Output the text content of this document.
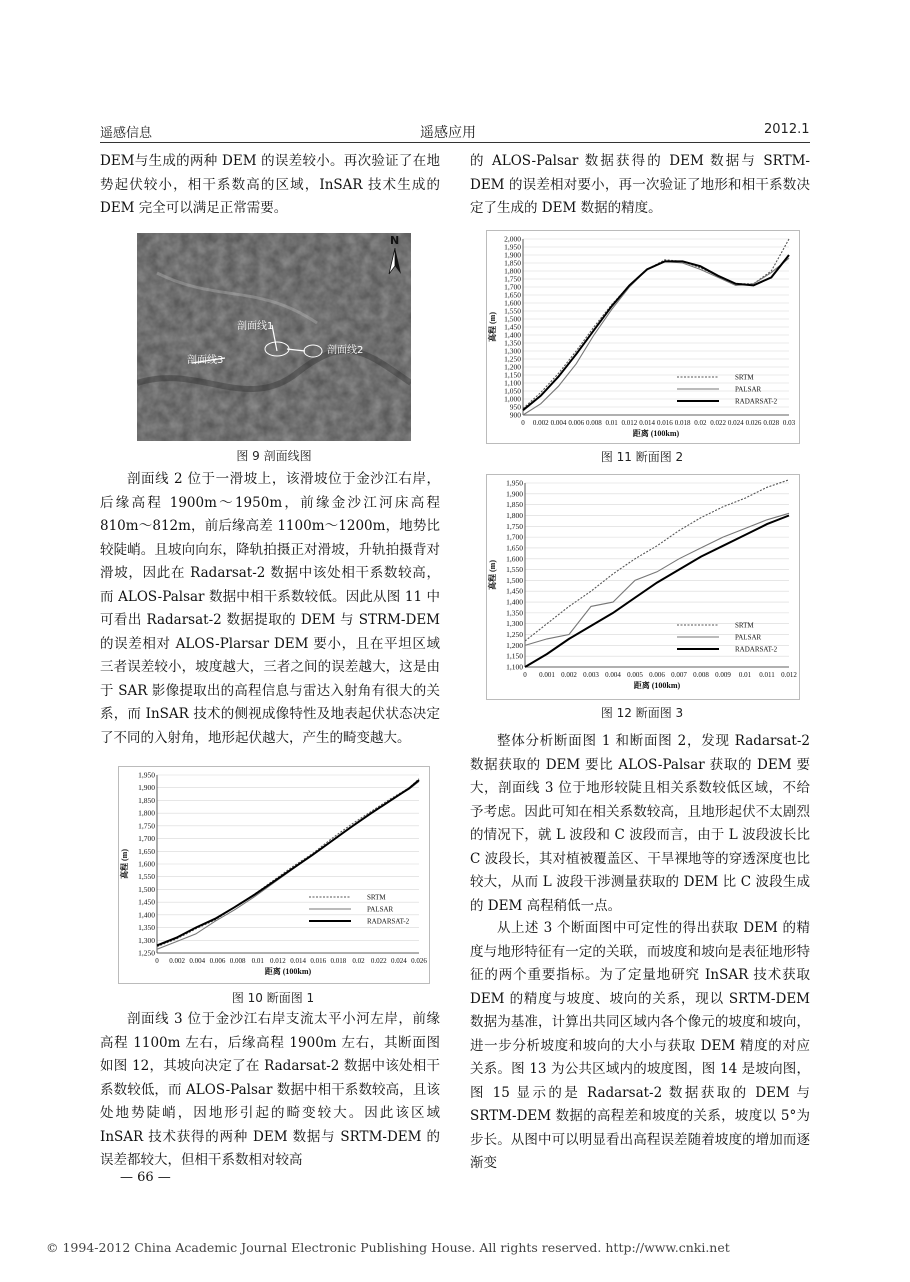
遥感信息	遥感应用	2012.1

DEM与生成的两种 DEM 的误差较小。再次验证了在地势起伏较小，相干系数高的区域，InSAR 技术生成的 DEM 完全可以满足正常需要。

剖面线1
剖面线2
剖面线3
N
图 9 剖面线图

剖面线 2 位于一滑坡上，该滑坡位于金沙江右岸，后缘高程 1900m～1950m，前缘金沙江河床高程 810m～812m，前后缘高差 1100m～1200m，地势比较陡峭。且坡向向东，降轨拍摄正对滑坡，升轨拍摄背对滑坡，因此在 Radarsat-2 数据中该处相干系数较高，而 ALOS-Palsar 数据中相干系数较低。因此从图 11 中可看出 Radarsat-2 数据提取的 DEM 与 STRM-DEM 的误差相对 ALOS-Plarsar DEM 要小，且在平坦区域三者误差较小，坡度越大，三者之间的误差越大，这是由于 SAR 影像提取出的高程信息与雷达入射角有很大的关系，而 InSAR 技术的侧视成像特性及地表起伏状态决定了不同的入射角，地形起伏越大，产生的畸变越大。

1,250
1,300
1,350
1,400
1,450
1,500
1,550
1,600
1,650
1,700
1,750
1,800
1,850
1,900
1,950
0 0.002 0.004 0.006 0.008 0.01 0.012 0.014 0.016 0.018 0.02 0.022 0.024 0.026
距离 (100km)
高程 (m)
SRTM
PALSAR
RADARSAT-2
图 10 断面图 1

剖面线 3 位于金沙江右岸支流太平小河左岸，前缘高程 1100m 左右，后缘高程 1900m 左右，其断面图如图 12，其坡向决定了在 Radarsat-2 数据中该处相干系数较低，而 ALOS-Palsar 数据中相干系数较高，且该处地势陡峭，因地形引起的畸变较大。因此该区域 InSAR 技术获得的两种 DEM 数据与 SRTM-DEM 的误差都较大，但相干系数相对较高

— 66 —

的 ALOS-Palsar 数据获得的 DEM 数据与 SRTM-DEM 的误差相对要小，再一次验证了地形和相干系数决定了生成的 DEM 数据的精度。

900
950
1,000
1,050
1,100
1,150
1,200
1,250
1,300
1,350
1,400
1,450
1,500
1,550
1,600
1,650
1,700
1,750
1,800
1,850
1,900
1,950
2,000
0 0.002 0.004 0.006 0.008 0.01 0.012 0.014 0.016 0.018 0.02 0.022 0.024 0.026 0.028 0.03
距离 (100km)
高程 (m)
SRTM
PALSAR
RADARSAT-2
图 11 断面图 2
1,100
1,150
1,200
1,250
1,300
1,350
1,400
1,450
1,500
1,550
1,600
1,650
1,700
1,750
1,800
1,850
1,900
1,950
0 0.001 0.002 0.003 0.004 0.005 0.006 0.007 0.008 0.009 0.01 0.011 0.012
距离 (100km)
高程 (m)
SRTM
PALSAR
RADARSAT-2
图 12 断面图 3

整体分析断面图 1 和断面图 2，发现 Radarsat-2 数据获取的 DEM 要比 ALOS-Palsar 获取的 DEM 要大，剖面线 3 位于地形较陡且相关系数较低区域，不给予考虑。因此可知在相关系数较高，且地形起伏不太剧烈的情况下，就 L 波段和 C 波段而言，由于 L 波段波长比 C 波段长，其对植被覆盖区、干旱裸地等的穿透深度也比较大，从而 L 波段干涉测量获取的 DEM 比 C 波段生成的 DEM 高程稍低一点。

从上述 3 个断面图中可定性的得出获取 DEM 的精度与地形特征有一定的关联，而坡度和坡向是表征地形特征的两个重要指标。为了定量地研究 InSAR 技术获取 DEM 的精度与坡度、坡向的关系，现以 SRTM-DEM 数据为基准，计算出共同区域内各个像元的坡度和坡向，进一步分析坡度和坡向的大小与获取 DEM 精度的对应关系。图 13 为公共区域内的坡度图，图 14 是坡向图，图 15 显示的是 Radarsat-2 数据获取的 DEM 与 SRTM-DEM 数据的高程差和坡度的关系，坡度以 5°为步长。从图中可以明显看出高程误差随着坡度的增加而逐渐变

© 1994-2012 China Academic Journal Electronic Publishing House. All rights reserved. http://www.cnki.net
